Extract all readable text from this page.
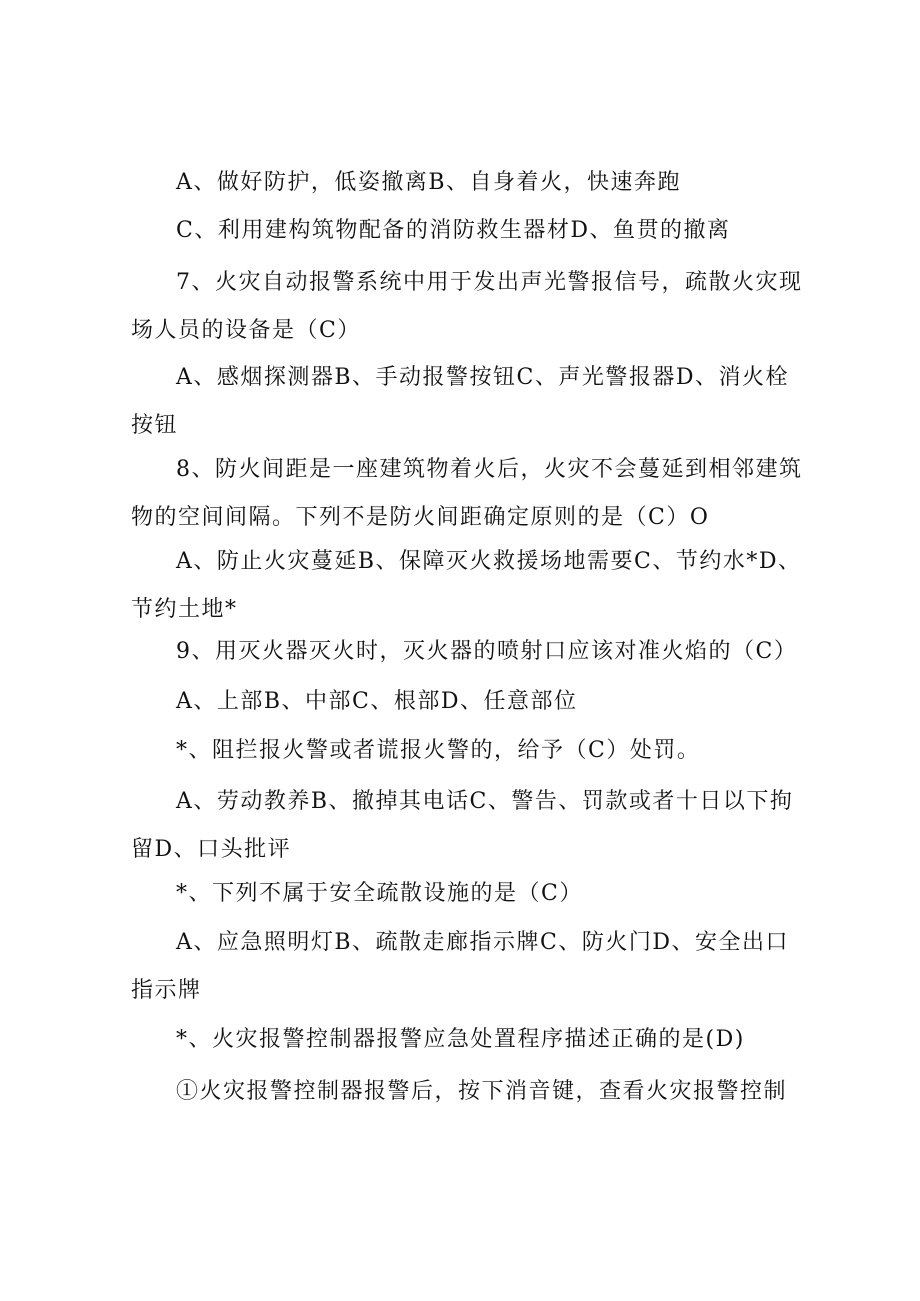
A、做好防护，低姿撤离B、自身着火，快速奔跑

C、利用建构筑物配备的消防救生器材D、鱼贯的撤离

7、火灾自动报警系统中用于发出声光警报信号，疏散火灾现场人员的设备是（C）

A、感烟探测器B、手动报警按钮C、声光警报器D、消火栓按钮

8、防火间距是一座建筑物着火后，火灾不会蔓延到相邻建筑物的空间间隔。下列不是防火间距确定原则的是（C）O

A、防止火灾蔓延B、保障灭火救援场地需要C、节约水*D、节约土地*

9、用灭火器灭火时，灭火器的喷射口应该对准火焰的（C）

A、上部B、中部C、根部D、任意部位

*、阻拦报火警或者谎报火警的，给予（C）处罚。

A、劳动教养B、撤掉其电话C、警告、罚款或者十日以下拘留D、口头批评

*、下列不属于安全疏散设施的是（C）

A、应急照明灯B、疏散走廊指示牌C、防火门D、安全出口指示牌

*、火灾报警控制器报警应急处置程序描述正确的是(D)

①火灾报警控制器报警后，按下消音键，查看火灾报警控制
